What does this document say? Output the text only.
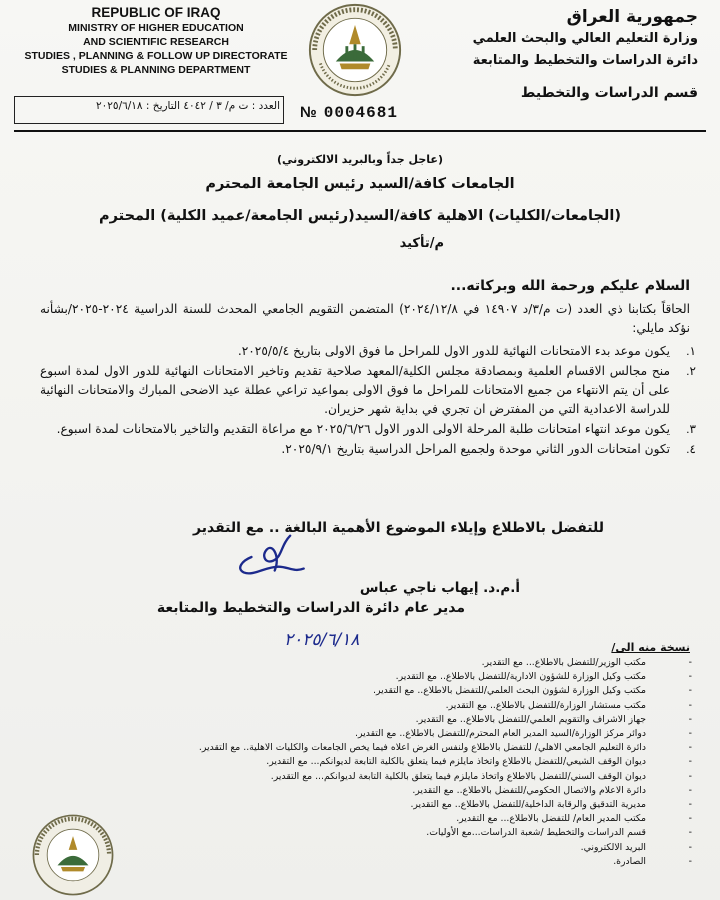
REPUBLIC OF IRAQ
MINISTRY OF HIGHER EDUCATION
AND SCIENTIFIC RESEARCH
STUDIES , PLANNING & FOLLOW UP DIRECTORATE
STUDIES & PLANNING DEPARTMENT
جمهورية العراق
وزارة التعليم العالي والبحث العلمي
دائرة الدراسات والتخطيط والمتابعة
قسم الدراسات والتخطيط
العدد : ت م/ ٣ / ٤٠٤٢ التاريخ : ٢٠٢٥/٦/١٨ № 0004681
(عاجل جداً وبالبريد الالكتروني)
الجامعات كافة/السيد رئيس الجامعة المحترم
(الجامعات/الكليات) الاهلية كافة/السيد(رئيس الجامعة/عميد الكلية) المحترم
م/تأكيد
السلام عليكم ورحمة الله وبركاته...
الحاقاً بكتابنا ذي العدد (ت م/٣/د ١٤٩٠٧ في ٢٠٢٤/١٢/٨) المتضمن التقويم الجامعي المحدث للسنة الدراسية ٢٠٢٤-٢٠٢٥/بشأنه نؤكد مايلي:
١.
يكون موعد بدء الامتحانات النهائية للدور الاول للمراحل ما فوق الاولى بتاريخ ٢٠٢٥/٥/٤.
٢.
منح مجالس الاقسام العلمية وبمصادقة مجلس الكلية/المعهد صلاحية تقديم وتاخير الامتحانات النهائية للدور الاول لمدة اسبوع على أن يتم الانتهاء من جميع الامتحانات للمراحل ما فوق الاولى بمواعيد تراعي عطلة عيد الاضحى المبارك والامتحانات النهائية للدراسة الاعدادية التي من المفترض ان تجري في بداية شهر حزيران.
٣.
يكون موعد انتهاء امتحانات طلبة المرحلة الاولى الدور الاول ٢٠٢٥/٦/٢٦ مع مراعاة التقديم والتاخير بالامتحانات لمدة اسبوع.
٤.
تكون امتحانات الدور الثاني موحدة ولجميع المراحل الدراسية بتاريخ ٢٠٢٥/٩/١.
للتفضل بالاطلاع وإيلاء الموضوع الأهمية البالغة .. مع التقدير
أ.م.د. إيهاب ناجي عباس
مدير عام دائرة الدراسات والتخطيط والمتابعة
٢٠٢٥/٦/١٨	نسخة منه الى/
- مكتب الوزير/للتفضل بالاطلاع... مع التقدير.
- مكتب وكيل الوزارة للشؤون الادارية/للتفضل بالاطلاع.. مع التقدير.
- مكتب وكيل الوزارة لشؤون البحث العلمي/للتفضل بالاطلاع.. مع التقدير.
- مكتب مستشار الوزارة/للتفضل بالاطلاع.. مع التقدير.
- جهاز الاشراف والتقويم العلمي/للتفضل بالاطلاع.. مع التقدير.
- دوائر مركز الوزارة/السيد المدير العام المحترم/للتفضل بالاطلاع.. مع التقدير.
- دائرة التعليم الجامعي الاهلي/ للتفضل بالاطلاع ولنفس الغرض اعلاه فيما يخص الجامعات والكليات الاهلية.. مع التقدير.
- ديوان الوقف الشيعي/للتفضل بالاطلاع واتخاذ مايلزم فيما يتعلق بالكلية التابعة لديوانكم... مع التقدير.
- ديوان الوقف السني/للتفضل بالاطلاع واتخاذ مايلزم فيما يتعلق بالكلية التابعة لديوانكم... مع التقدير.
- دائرة الاعلام والاتصال الحكومي/للتفضل بالاطلاع.. مع التقدير.
- مديرية التدقيق والرقابة الداخلية/للتفضل بالاطلاع.. مع التقدير.
- مكتب المدير العام/ للتفضل بالاطلاع... مع التقدير.
- قسم الدراسات والتخطيط /شعبة الدراسات...مع الأوليات.
- البريد الالكتروني.
- الصادرة.
